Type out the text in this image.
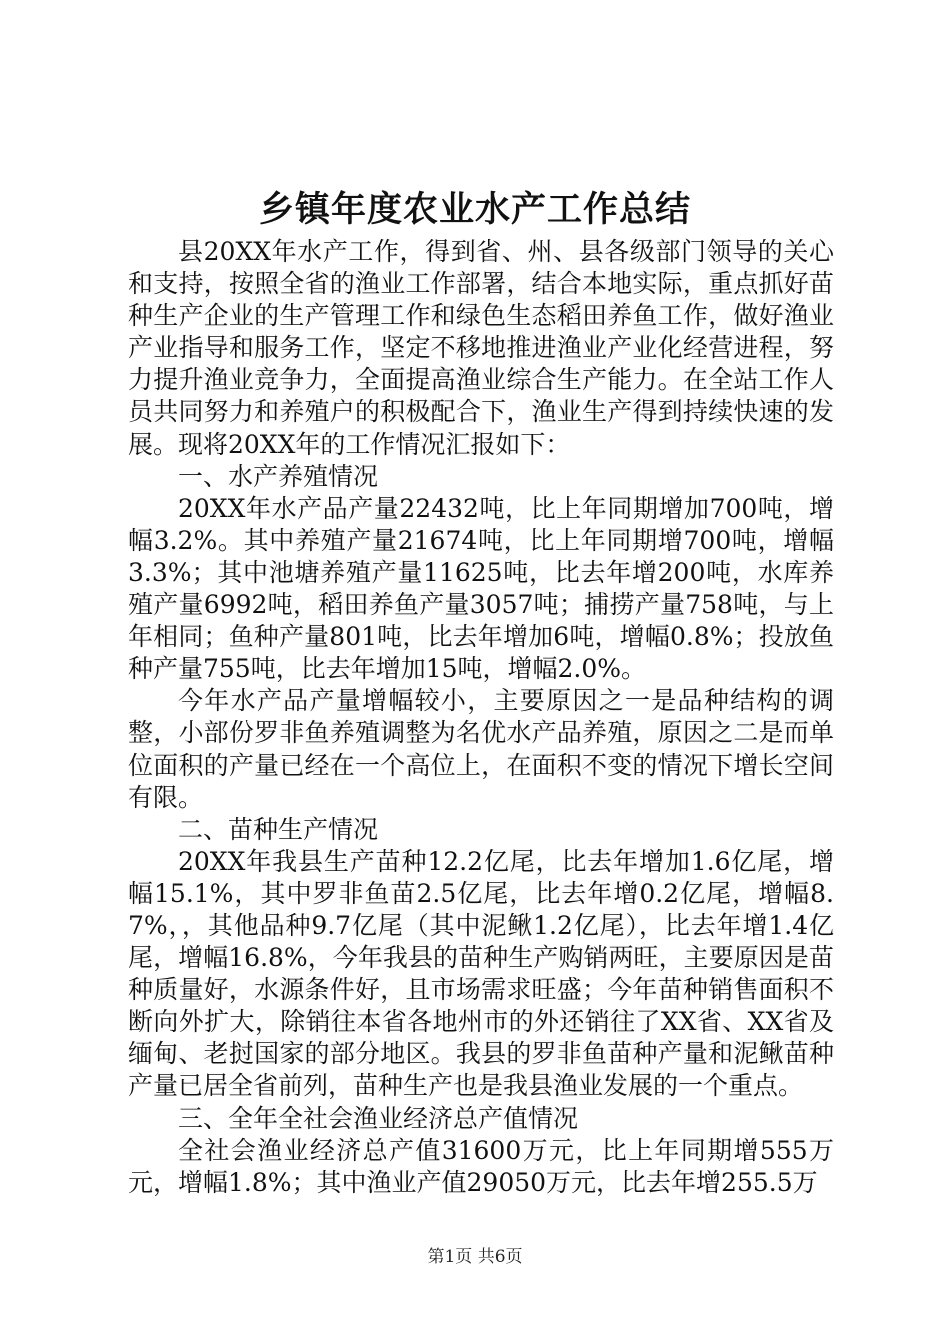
乡镇年度农业水产工作总结

县20XX年水产工作，得到省、州、县各级部门领导的关心和支持，按照全省的渔业工作部署，结合本地实际，重点抓好苗种生产企业的生产管理工作和绿色生态稻田养鱼工作，做好渔业产业指导和服务工作，坚定不移地推进渔业产业化经营进程，努力提升渔业竞争力，全面提高渔业综合生产能力。在全站工作人员共同努力和养殖户的积极配合下，渔业生产得到持续快速的发展。现将20XX年的工作情况汇报如下：

一、水产养殖情况

20XX年水产品产量22432吨，比上年同期增加700吨，增幅3.2%。其中养殖产量21674吨，比上年同期增700吨，增幅3.3%；其中池塘养殖产量11625吨，比去年增200吨，水库养殖产量6992吨，稻田养鱼产量3057吨；捕捞产量758吨，与上年相同；鱼种产量801吨，比去年增加6吨，增幅0.8%；投放鱼种产量755吨，比去年增加15吨，增幅2.0%。

今年水产品产量增幅较小，主要原因之一是品种结构的调整，小部份罗非鱼养殖调整为名优水产品养殖，原因之二是而单位面积的产量已经在一个高位上，在面积不变的情况下增长空间有限。

二、苗种生产情况

20XX年我县生产苗种12.2亿尾，比去年增加1.6亿尾，增幅15.1%，其中罗非鱼苗2.5亿尾，比去年增0.2亿尾，增幅8.7%，，其他品种9.7亿尾（其中泥鳅1.2亿尾），比去年增1.4亿尾，增幅16.8%，今年我县的苗种生产购销两旺，主要原因是苗种质量好，水源条件好，且市场需求旺盛；今年苗种销售面积不断向外扩大，除销往本省各地州市的外还销往了XX省、XX省及缅甸、老挝国家的部分地区。我县的罗非鱼苗种产量和泥鳅苗种产量已居全省前列，苗种生产也是我县渔业发展的一个重点。

三、全年全社会渔业经济总产值情况

全社会渔业经济总产值31600万元，比上年同期增555万元，增幅1.8%；其中渔业产值29050万元，比去年增255.5万

第1页 共6页
